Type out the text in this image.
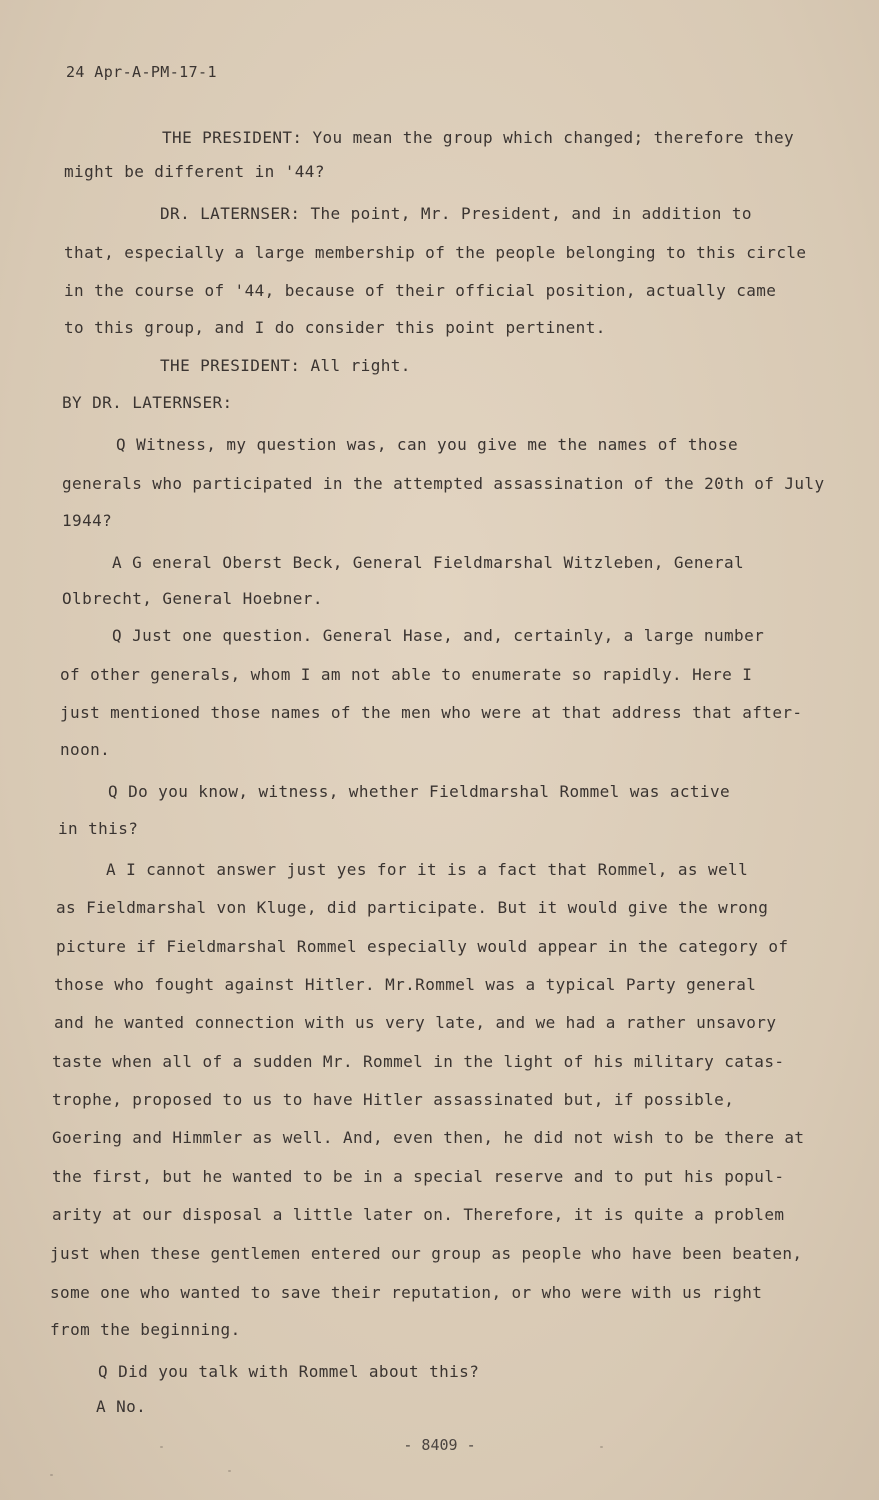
24 Apr-A-PM-17-1
THE PRESIDENT: You mean the group which changed; therefore they
might be different in '44?
DR. LATERNSER: The point, Mr. President, and in addition to
that, especially a large membership of the people belonging to this circle
in the course of '44, because of their official position, actually came
to this group, and I do consider this point pertinent.
THE PRESIDENT: All right.
BY DR. LATERNSER:
Q Witness, my question was, can you give me the names of those
generals who participated in the attempted assassination of the 20th of July
1944?
A G eneral Oberst Beck, General Fieldmarshal Witzleben, General
Olbrecht, General Hoebner.
Q Just one question. General Hase, and, certainly, a large number
of other generals, whom I am not able to enumerate so rapidly. Here I
just mentioned those names of the men who were at that address that after-
noon.
Q Do you know, witness, whether Fieldmarshal Rommel was active
in this?
A I cannot answer just yes for it is a fact that Rommel, as well
as Fieldmarshal von Kluge, did participate. But it would give the wrong
picture if Fieldmarshal Rommel especially would appear in the category of
those who fought against Hitler. Mr.Rommel was a typical Party general
and he wanted connection with us very late, and we had a rather unsavory
taste when all of a sudden Mr. Rommel in the light of his military catas-
trophe, proposed to us to have Hitler assassinated but, if possible,
Goering and Himmler as well. And, even then, he did not wish to be there at
the first, but he wanted to be in a special reserve and to put his popul-
arity at our disposal a little later on. Therefore, it is quite a problem
just when these gentlemen entered our group as people who have been beaten,
some one who wanted to save their reputation, or who were with us right
from the beginning.
Q Did you talk with Rommel about this?
A No.
- 8409 -
